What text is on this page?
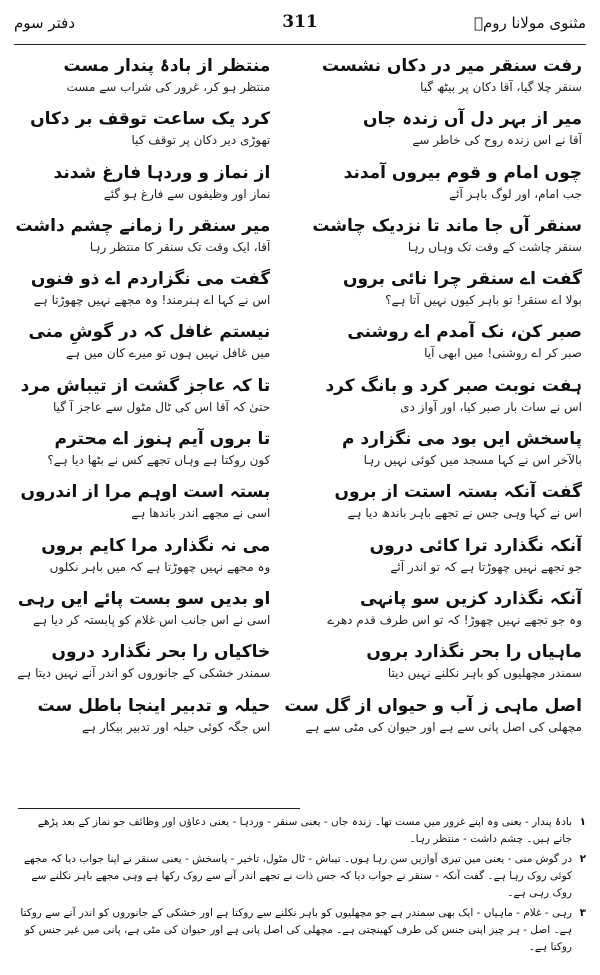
مثنوی مولانا رومؒ
311
دفتر سوم
رفت سنقر میر در دکاں نشست
سنقر چلا گیا، آقا دکان پر بیٹھ گیا
میر از بہر دل آں زندہ جاں
آقا نے اس زندہ روح کی خاطر سے
چوں امام و قوم بیروں آمدند
جب امام، اور لوگ باہر آئے
سنقر آں جا ماند تا نزدیک چاشت
سنقر چاشت کے وقت تک وہاں رہا
گفت اے سنقر چرا نائی بروں
بولا اے سنقر! تو باہر کیوں نہیں آتا ہے؟
صبر کن، نک آمدم اے روشنی
صبر کر اے روشنی! میں ابھی آیا
ہفت نوبت صبر کرد و بانگ کرد
اس نے سات بار صبر کیا، اور آواز دی
پاسخش ایں بود می نگزارد م
بالآخر اس نے کہا مسجد میں کوئی نہیں رہا
گفت آنکہ بستہ استت از بروں
اس نے کہا وہی جس نے تجھے باہر باندھ دیا ہے
آنکہ نگذارد ترا کائی دروں
جو تجھے نہیں چھوڑتا ہے کہ تو اندر آئے
آنکہ نگذارد کزیں سو پانہی
وہ جو تجھے نہیں چھوڑ! کہ تو اس طرف قدم دھرے
ماہیاں را بحر نگذارد بروں
سمندر مچھلیوں کو باہر نکلنے نہیں دیتا
اصل ماہی ز آب و حیواں از گل ست
مچھلی کی اصل پانی سے ہے اور حیوان کی مٹی سے ہے
منتظر از بادۂ پندار مست
منتظر ہو کر، غرور کی شراب سے مست
کرد یک ساعت توقف بر دکاں
تھوڑی دیر دکان پر توقف کیا
از نماز و وردہا فارغ شدند
نماز اور وظیفوں سے فارغ ہو گئے
میر سنقر را زمانے چشم داشت
آقا، ایک وقت تک سنقر کا منتظر رہا
گفت می نگزاردم اے ذو فنوں
اس نے کہا اے ہنرمند! وہ مجھے نہیں چھوڑتا ہے
نیستم غافل کہ در گوشِ منی
میں غافل نہیں ہوں تو میرے کان میں ہے
تا کہ عاجز گشت از تیباش مرد
حتیٰ کہ آقا اس کی ٹال مٹول سے عاجز آ گیا
تا بروں آیم ہنوز اے محترم
کون روکتا ہے وہاں تجھے کس نے بٹھا دیا ہے؟
بستہ است اوہم مرا از اندروں
اسی نے مجھے اندر باندھا ہے
می نہ نگذارد مرا کایم بروں
وہ مجھے نہیں چھوڑتا ہے کہ میں باہر نکلوں
او بدیں سو بست پائے ایں رہی
اسی نے اس جانب اس غلام کو پابستہ کر دیا ہے
خاکیاں را بحر نگذارد دروں
سمندر خشکی کے جانوروں کو اندر آنے نہیں دیتا ہے
حیلہ و تدبیر اینجا باطل ست
اس جگہ کوئی حیلہ اور تدبیر بیکار ہے
۱
بادۂ پندار - یعنی وہ اپنے غرور میں مست تھا۔ زندہ جاں - یعنی سنقر - وردہا - یعنی دعاؤں اور وظائف جو نماز کے بعد پڑھے جاتے ہیں۔ چشم داشت - منتظر رہا۔
۲
در گوش منی - یعنی میں تیری آوازیں سن رہا ہوں۔ تیباش - ٹال مٹول، تاخیر - پاسخش - یعنی سنقر نے اپنا جواب دیا کہ مجھے کوئی روک رہا ہے۔ گفت آنکہ - سنقر نے جواب دیا کہ جس ذات نے تجھے اندر آنے سے روک رکھا ہے وہی مجھے باہر نکلنے سے روک رہی ہے۔
۳
رہی - غلام - ماہیاں - ایک بھی سمندر ہے جو مچھلیوں کو باہر نکلنے سے روکتا ہے اور خشکی کے جانوروں کو اندر آنے سے روکتا ہے۔ اصل - ہر چیز اپنی جنس کی طرف کھینچتی ہے۔ مچھلی کی اصل پانی ہے اور حیوان کی مٹی ہے، پانی میں غیر جنس کو روکتا ہے۔
